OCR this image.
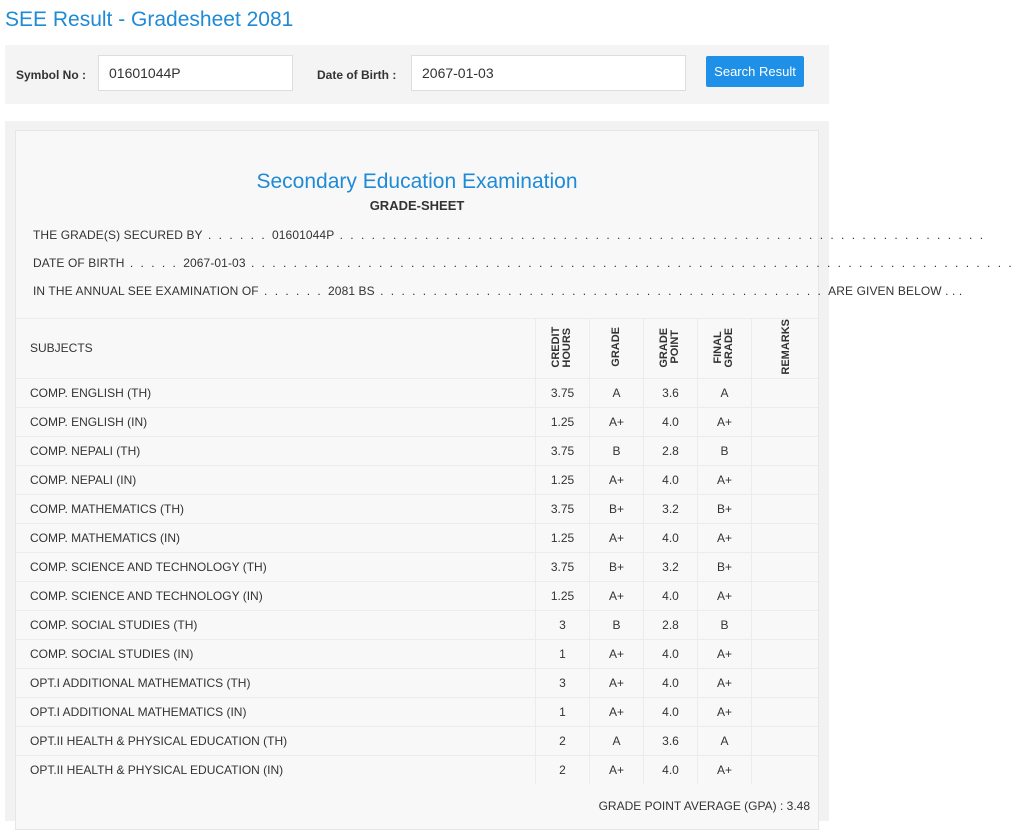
SEE Result - Gradesheet 2081
Symbol No :
01601044P	Date of Birth :
2067-01-03	Search Result
Secondary Education Examination
GRADE-SHEET
THE GRADE(S) SECURED BY . . . . . . 01601044P . . . . . . . . . . . . . . . . . . . . . . . . . . . . . . . . . . . . . . . . . . . . . . . . . . . . . . . . . . . . .
DATE OF BIRTH . . . . . 2067-01-03 . . . . . . . . . . . . . . . . . . . . . . . . . . . . . . . . . . . . . . . . . . . . . . . . . . . . . . . . . . . . . . . . . . . . . . . .
IN THE ANNUAL SEE EXAMINATION OF . . . . . . 2081 BS . . . . . . . . . . . . . . . . . . . . . . . . . . . . . . . . . . . . . . . . . . ARE GIVEN BELOW . . .
SUBJECTS	CREDIT HOURS	GRADE	GRADE POINT	FINAL GRADE	REMARKS
COMP. ENGLISH (TH)	3.75	A	3.6	A	
COMP. ENGLISH (IN)	1.25	A+	4.0	A+	
COMP. NEPALI (TH)	3.75	B	2.8	B	
COMP. NEPALI (IN)	1.25	A+	4.0	A+	
COMP. MATHEMATICS (TH)	3.75	B+	3.2	B+	
COMP. MATHEMATICS (IN)	1.25	A+	4.0	A+	
COMP. SCIENCE AND TECHNOLOGY (TH)	3.75	B+	3.2	B+	
COMP. SCIENCE AND TECHNOLOGY (IN)	1.25	A+	4.0	A+	
COMP. SOCIAL STUDIES (TH)	3	B	2.8	B	
COMP. SOCIAL STUDIES (IN)	1	A+	4.0	A+	
OPT.I ADDITIONAL MATHEMATICS (TH)	3	A+	4.0	A+	
OPT.I ADDITIONAL MATHEMATICS (IN)	1	A+	4.0	A+	
OPT.II HEALTH & PHYSICAL EDUCATION (TH)	2	A	3.6	A	
OPT.II HEALTH & PHYSICAL EDUCATION (IN)	2	A+	4.0	A+	
GRADE POINT AVERAGE (GPA) : 3.48
